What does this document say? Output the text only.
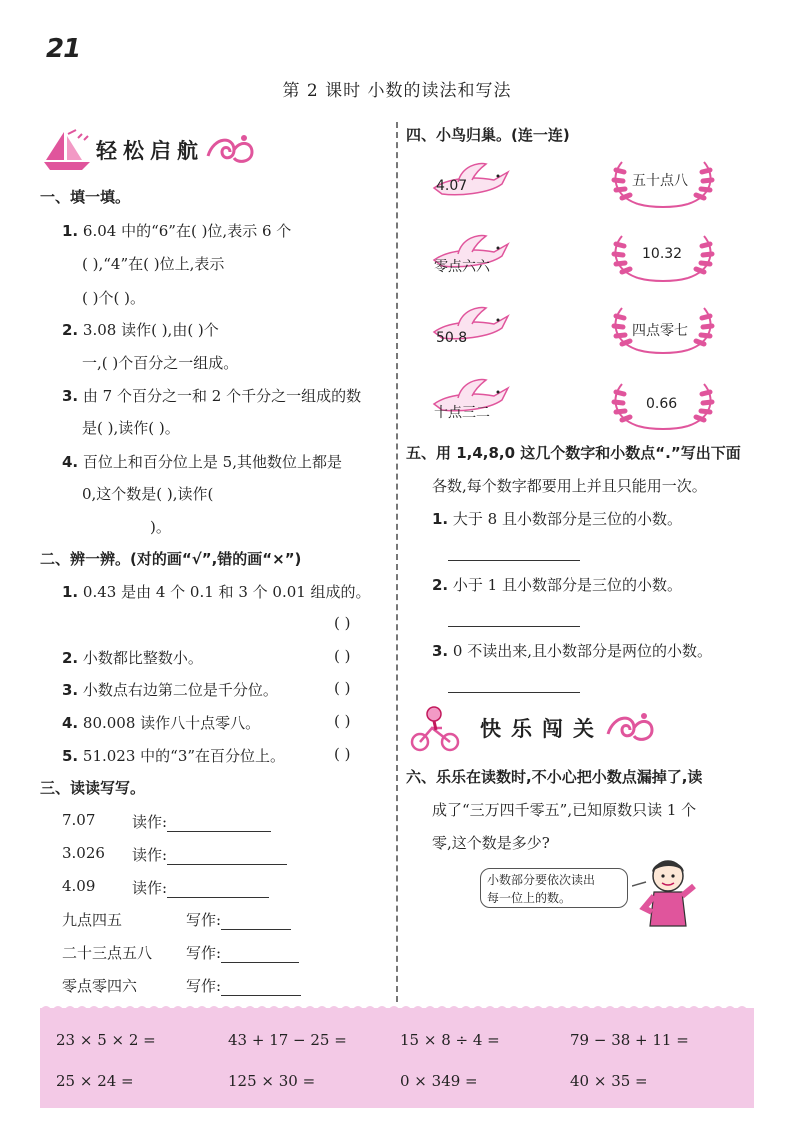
21
第 2 课时 小数的读法和写法
轻松启航
一、填一填。
1. 6.04 中的“6”在( )位,表示 6 个
( ),“4”在( )位上,表示
( )个( )。
2. 3.08 读作( ),由( )个
一,( )个百分之一组成。
3. 由 7 个百分之一和 2 个千分之一组成的数
是( ),读作( )。
4. 百位上和百分位上是 5,其他数位上都是
0,这个数是( ),读作(
)。
二、辨一辨。(对的画“√”,错的画“×”)
1. 0.43 是由 4 个 0.1 和 3 个 0.01 组成的。
( )
2. 小数都比整数小。	( )
3. 小数点右边第二位是千分位。	( )
4. 80.008 读作八十点零八。	( )
5. 51.023 中的“3”在百分位上。	( )
三、读读写写。
7.07 读作:
3.026 读作:
4.09 读作:
九点四五	写作:
二十三点五八 写作:
零点零四六	写作:
四、小鸟归巢。(连一连)
4.07
零点六六
50.8
十点三二
五十点八
10.32
四点零七
0.66
五、用 1,4,8,0 这几个数字和小数点“.”写出下面
各数,每个数字都要用上并且只能用一次。
1. 大于 8 且小数部分是三位的小数。
2. 小于 1 且小数部分是三位的小数。
3. 0 不读出来,且小数部分是两位的小数。
快乐闯关
六、乐乐在读数时,不小心把小数点漏掉了,读
成了“三万四千零五”,已知原数只读 1 个
零,这个数是多少?
小数部分要依次读出
每一位上的数。
23 × 5 × 2 =	43 + 17 − 25 =	15 × 8 ÷ 4 =	79 − 38 + 11 =
25 × 24 =	125 × 30 =	0 × 349 =	40 × 35 =
